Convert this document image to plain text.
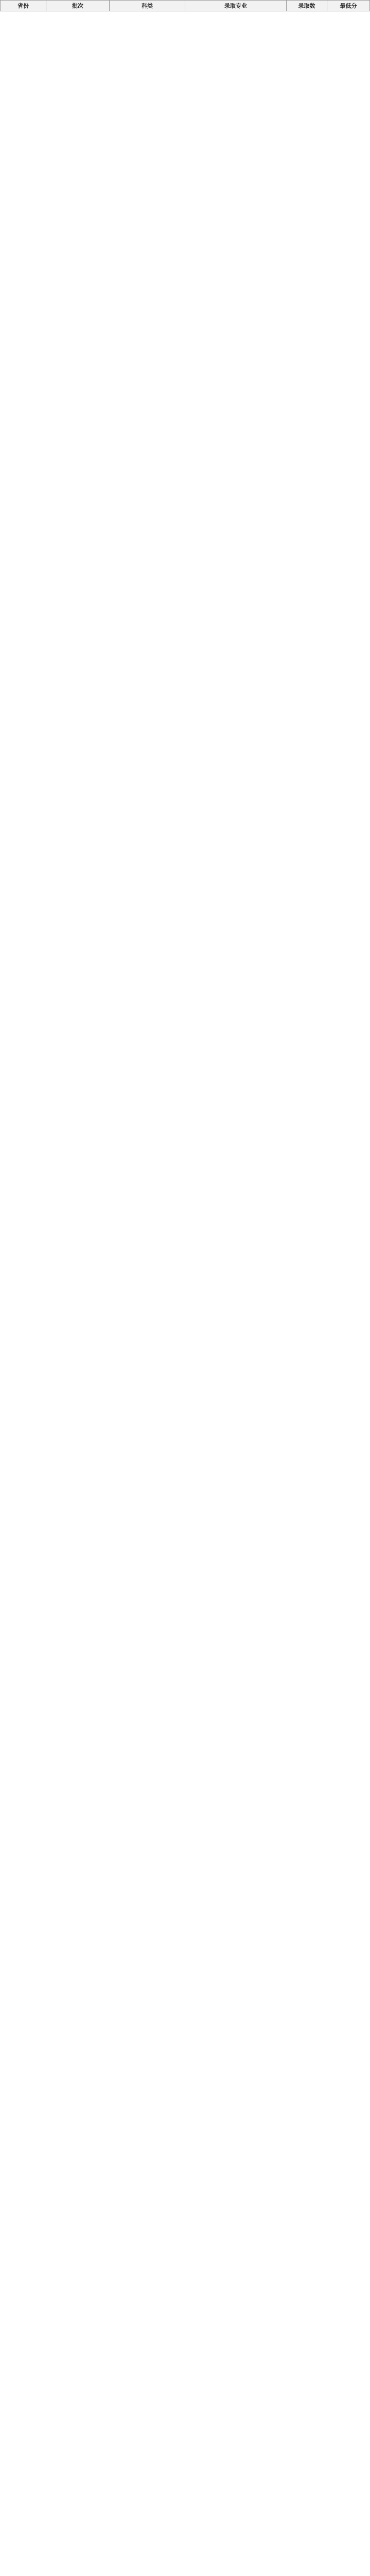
省份	批次	科类	录取专业	录取数	最低分
